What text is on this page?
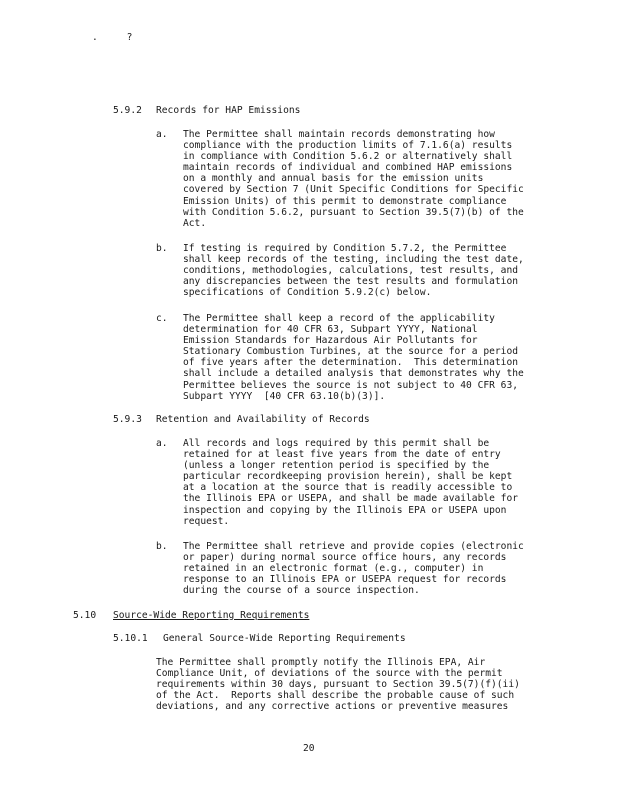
.     ?
5.9.2 Records for HAP Emissions
a. The Permittee shall maintain records demonstrating how
compliance with the production limits of 7.1.6(a) results
in compliance with Condition 5.6.2 or alternatively shall
maintain records of individual and combined HAP emissions
on a monthly and annual basis for the emission units
covered by Section 7 (Unit Specific Conditions for Specific
Emission Units) of this permit to demonstrate compliance
with Condition 5.6.2, pursuant to Section 39.5(7)(b) of the
Act.
b. If testing is required by Condition 5.7.2, the Permittee
shall keep records of the testing, including the test date,
conditions, methodologies, calculations, test results, and
any discrepancies between the test results and formulation
specifications of Condition 5.9.2(c) below.
c. The Permittee shall keep a record of the applicability
determination for 40 CFR 63, Subpart YYYY, National
Emission Standards for Hazardous Air Pollutants for
Stationary Combustion Turbines, at the source for a period
of five years after the determination.  This determination
shall include a detailed analysis that demonstrates why the
Permittee believes the source is not subject to 40 CFR 63,
Subpart YYYY  [40 CFR 63.10(b)(3)].
5.9.3 Retention and Availability of Records
a. All records and logs required by this permit shall be
retained for at least five years from the date of entry
(unless a longer retention period is specified by the
particular recordkeeping provision herein), shall be kept
at a location at the source that is readily accessible to
the Illinois EPA or USEPA, and shall be made available for
inspection and copying by the Illinois EPA or USEPA upon
request.
b. The Permittee shall retrieve and provide copies (electronic
or paper) during normal source office hours, any records
retained in an electronic format (e.g., computer) in
response to an Illinois EPA or USEPA request for records
during the course of a source inspection.
5.10 Source-Wide Reporting Requirements
5.10.1 General Source-Wide Reporting Requirements
The Permittee shall promptly notify the Illinois EPA, Air
Compliance Unit, of deviations of the source with the permit
requirements within 30 days, pursuant to Section 39.5(7)(f)(ii)
of the Act.  Reports shall describe the probable cause of such
deviations, and any corrective actions or preventive measures
20
